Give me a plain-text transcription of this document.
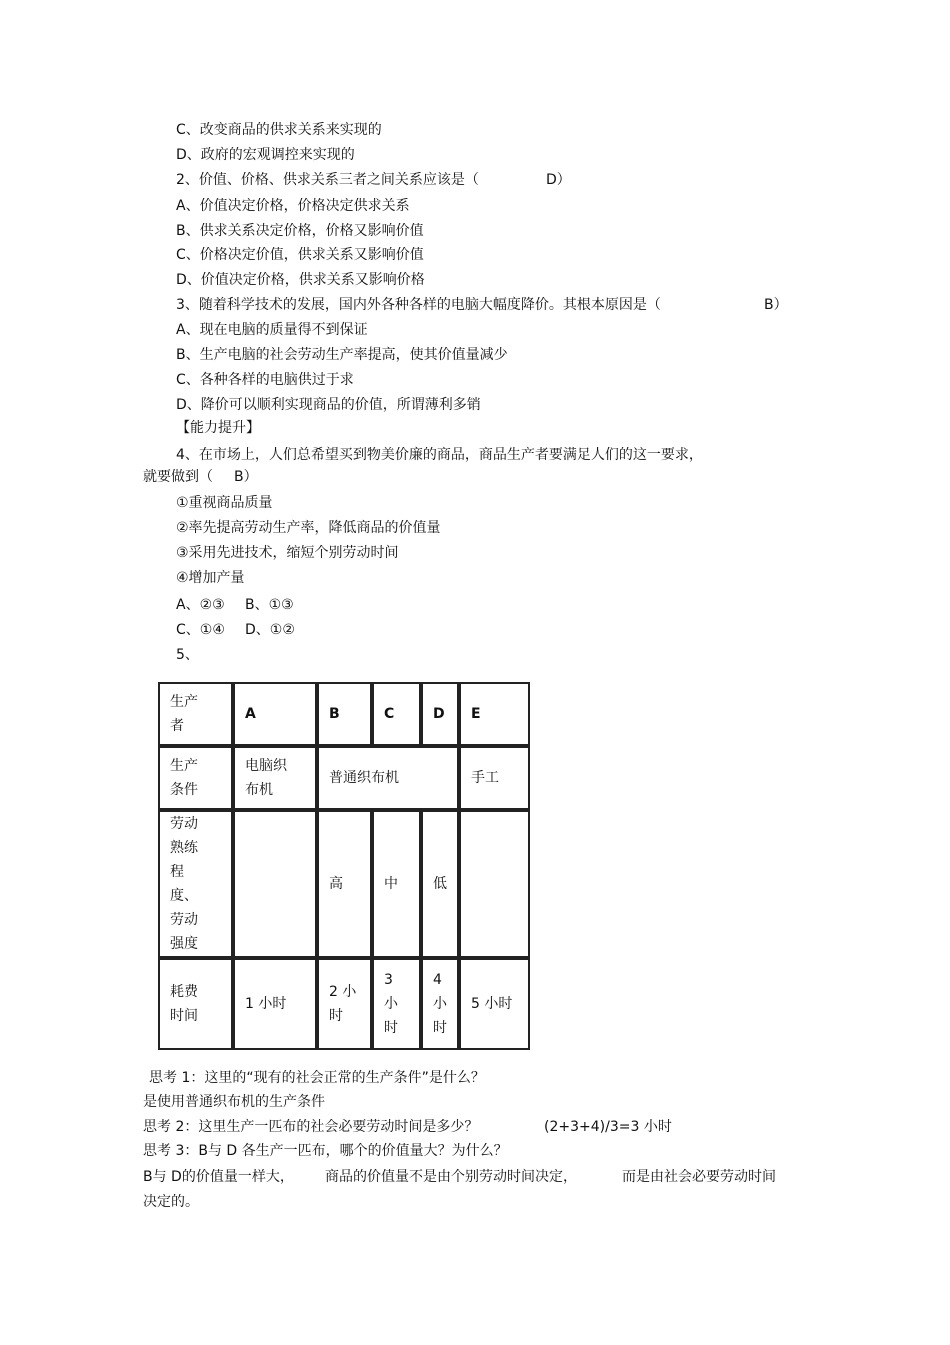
C、改变商品的供求关系来实现的
D、政府的宏观调控来实现的
2、价值、价格、供求关系三者之间关系应该是（	D）
A、价值决定价格，价格决定供求关系
B、供求关系决定价格，价格又影响价值
C、价格决定价值，供求关系又影响价值
D、价值决定价格，供求关系又影响价格
3、随着科学技术的发展，国内外各种各样的电脑大幅度降价。其根本原因是（	B）
A、现在电脑的质量得不到保证
B、生产电脑的社会劳动生产率提高，使其价值量减少
C、各种各样的电脑供过于求
D、降价可以顺利实现商品的价值，所谓薄利多销
【能力提升】
4、在市场上，人们总希望买到物美价廉的商品，商品生产者要满足人们的这一要求，
就要做到（ B）
①重视商品质量
②率先提高劳动生产率，降低商品的价值量
③采用先进技术，缩短个别劳动时间
④增加产量
A、②③ B、①③
C、①④ D、①②
5、
生产者	A	B	C	D	E

生产条件	电脑织布机	普通织布机			手工

劳动熟练程度、劳动强度		高	中	低	

耗费时间	1 小时	2 小时	3 小时	4 小时	5 小时
思考 1：这里的“现有的社会正常的生产条件”是什么？
是使用普通织布机的生产条件
思考 2：这里生产一匹布的社会必要劳动时间是多少？	(2+3+4)/3=3 小时
思考 3：B与 D 各生产一匹布，哪个的价值量大？为什么？
B与 D的价值量一样大， 商品的价值量不是由个别劳动时间决定，	而是由社会必要劳动时间
决定的。
